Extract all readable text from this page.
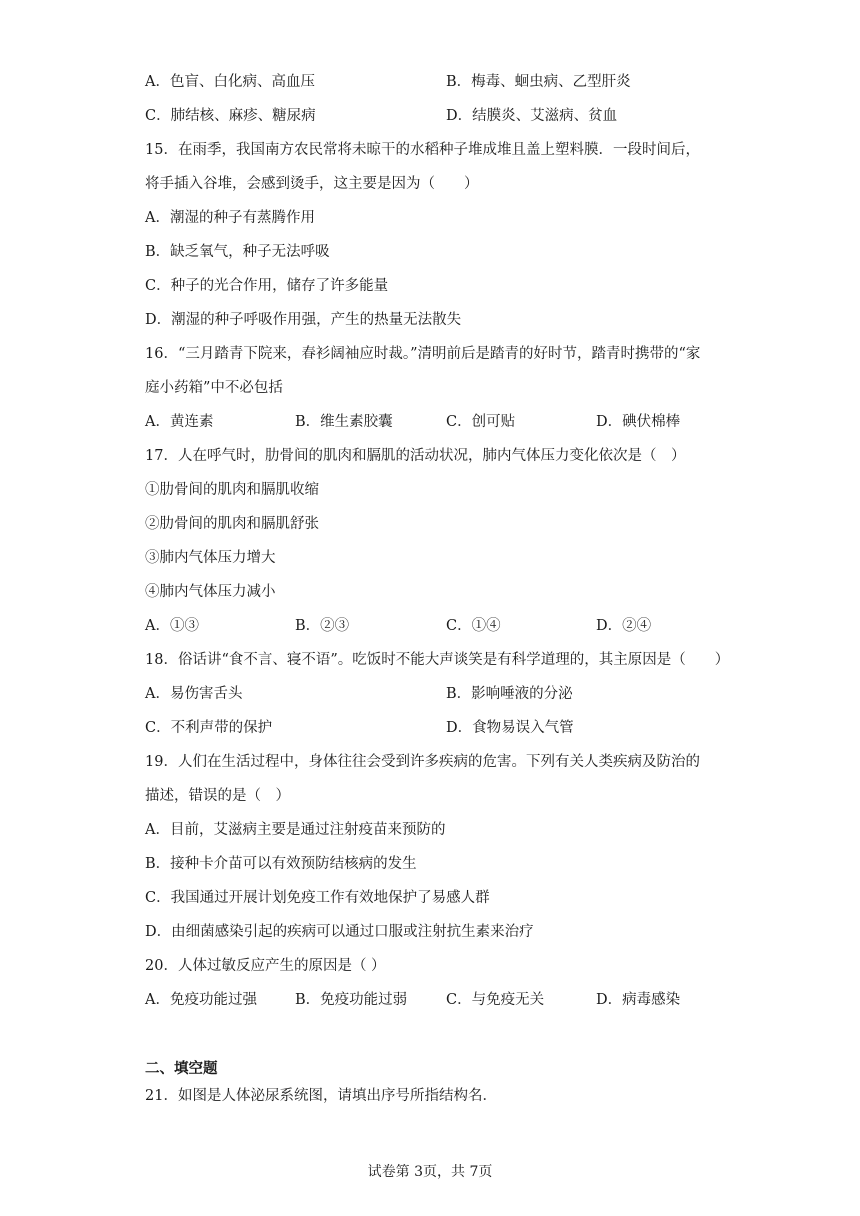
A．色盲、白化病、高血压	B．梅毒、蛔虫病、乙型肝炎
C．肺结核、麻疹、糖尿病	D．结膜炎、艾滋病、贫血
15．在雨季，我国南方农民常将未晾干的水稻种子堆成堆且盖上塑料膜．一段时间后，
将手插入谷堆，会感到烫手，这主要是因为（　　）
A．潮湿的种子有蒸腾作用
B．缺乏氧气，种子无法呼吸
C．种子的光合作用，储存了许多能量
D．潮湿的种子呼吸作用强，产生的热量无法散失
16．“三月踏青下院来，春衫阔袖应时裁。”清明前后是踏青的好时节，踏青时携带的“家
庭小药箱”中不必包括
A．黄连素	B．维生素胶囊	C．创可贴	D．碘伏棉棒
17．人在呼气时，肋骨间的肌肉和膈肌的活动状况，肺内气体压力变化依次是（　）
①肋骨间的肌肉和膈肌收缩
②肋骨间的肌肉和膈肌舒张
③肺内气体压力增大
④肺内气体压力减小
A．①③	B．②③	C．①④	D．②④
18．俗话讲“食不言、寝不语”。吃饭时不能大声谈笑是有科学道理的，其主原因是（　　）
A．易伤害舌头	B．影响唾液的分泌
C．不利声带的保护	D．食物易误入气管
19．人们在生活过程中，身体往往会受到许多疾病的危害。下列有关人类疾病及防治的
描述，错误的是（　）
A．目前，艾滋病主要是通过注射疫苗来预防的
B．接种卡介苗可以有效预防结核病的发生
C．我国通过开展计划免疫工作有效地保护了易感人群
D．由细菌感染引起的疾病可以通过口服或注射抗生素来治疗
20．人体过敏反应产生的原因是（ ）
A．免疫功能过强	B．免疫功能过弱	C．与免疫无关	D．病毒感染
二、填空题
21．如图是人体泌尿系统图，请填出序号所指结构名．
试卷第 3页，共 7页
